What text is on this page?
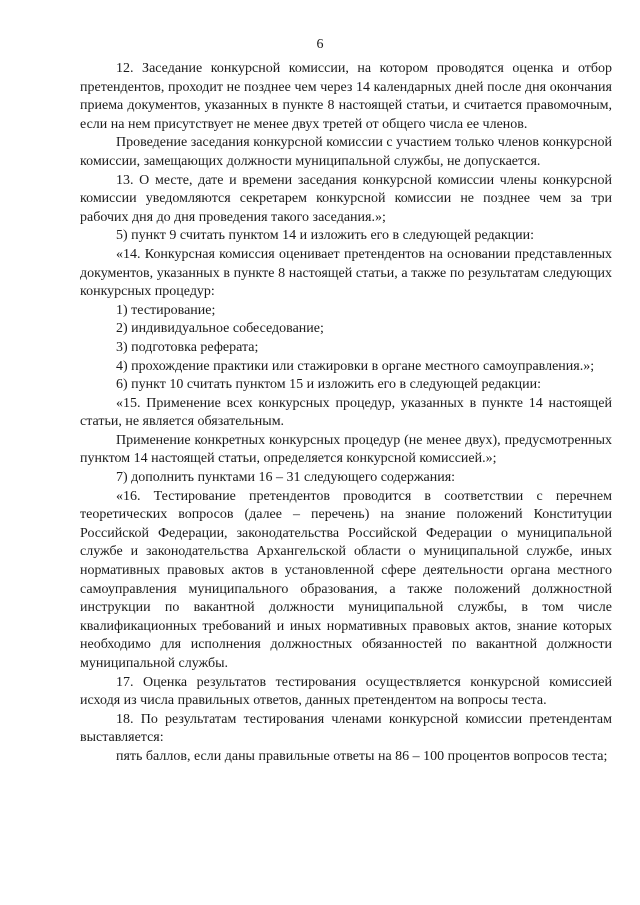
6

12. Заседание конкурсной комиссии, на котором проводятся оценка и отбор претендентов, проходит не позднее чем через 14 календарных дней после дня окончания приема документов, указанных в пункте 8 настоящей статьи, и считается правомочным, если на нем присутствует не менее двух третей от общего числа ее членов.

Проведение заседания конкурсной комиссии с участием только членов конкурсной комиссии, замещающих должности муниципальной службы, не допускается.

13. О месте, дате и времени заседания конкурсной комиссии члены конкурсной комиссии уведомляются секретарем конкурсной комиссии не позднее чем за три рабочих дня до дня проведения такого заседания.»;

5) пункт 9 считать пунктом 14 и изложить его в следующей редакции:

«14. Конкурсная комиссия оценивает претендентов на основании представленных документов, указанных в пункте 8 настоящей статьи, а также по результатам следующих конкурсных процедур:

1) тестирование;

2) индивидуальное собеседование;

3) подготовка реферата;

4) прохождение практики или стажировки в органе местного самоуправления.»;

6) пункт 10 считать пунктом 15 и изложить его в следующей редакции:

«15. Применение всех конкурсных процедур, указанных в пункте 14 настоящей статьи, не является обязательным.

Применение конкретных конкурсных процедур (не менее двух), предусмотренных пунктом 14 настоящей статьи, определяется конкурсной комиссией.»;

7) дополнить пунктами 16 – 31 следующего содержания:

«16. Тестирование претендентов проводится в соответствии с перечнем теоретических вопросов (далее – перечень) на знание положений Конституции Российской Федерации, законодательства Российской Федерации о муниципальной службе и законодательства Архангельской области о муниципальной службе, иных нормативных правовых актов в установленной сфере деятельности органа местного самоуправления муниципального образования, а также положений должностной инструкции по вакантной должности муниципальной службы, в том числе квалификационных требований и иных нормативных правовых актов, знание которых необходимо для исполнения должностных обязанностей по вакантной должности муниципальной службы.

17. Оценка результатов тестирования осуществляется конкурсной комиссией исходя из числа правильных ответов, данных претендентом на вопросы теста.

18. По результатам тестирования членами конкурсной комиссии претендентам выставляется:

пять баллов, если даны правильные ответы на 86 – 100 процентов вопросов теста;
